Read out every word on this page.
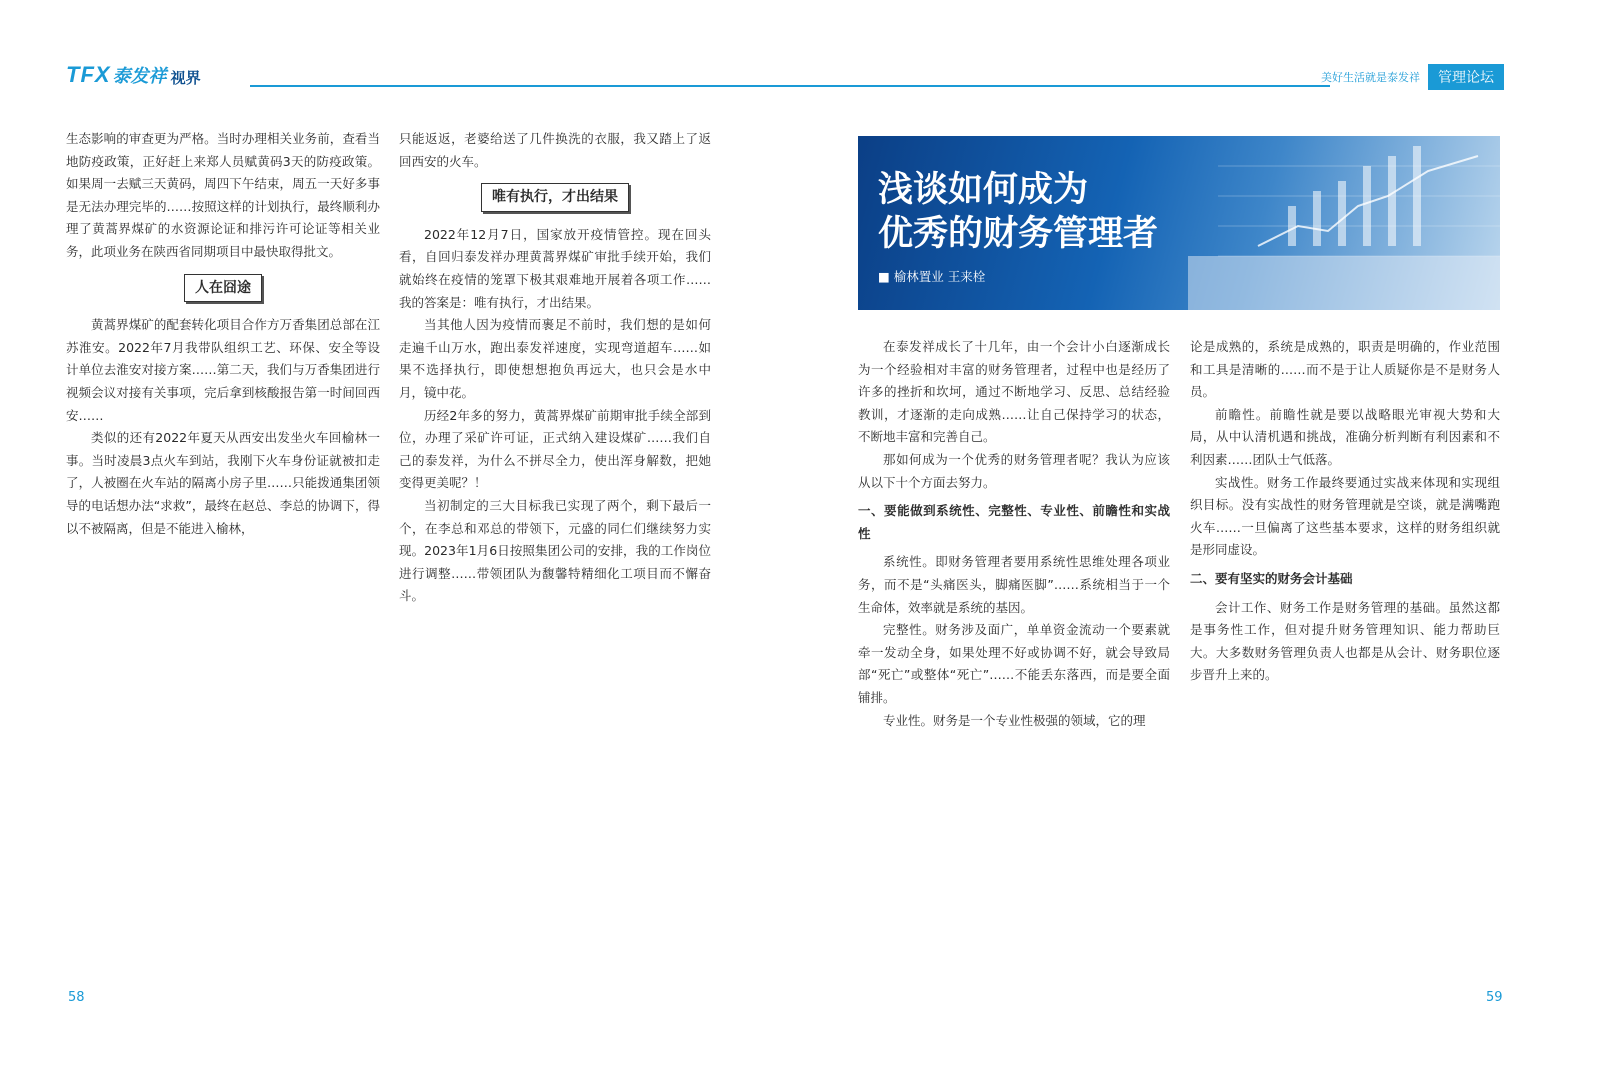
TFX 泰发祥 视界	美好生活就是泰发祥	管理论坛

生态影响的审查更为严格。当时办理相关业务前，查看当地防疫政策，正好赶上来郑人员赋黄码3天的防疫政策。如果周一去赋三天黄码，周四下午结束，周五一天好多事是无法办理完毕的……按照这样的计划执行，最终顺利办理了黄蒿界煤矿的水资源论证和排污许可论证等相关业务，此项业务在陕西省同期项目中最快取得批文。

人在囧途

黄蒿界煤矿的配套转化项目合作方万香集团总部在江苏淮安。2022年7月我带队组织工艺、环保、安全等设计单位去淮安对接方案……第二天，我们与万香集团进行视频会议对接有关事项，完后拿到核酸报告第一时间回西安……

类似的还有2022年夏天从西安出发坐火车回榆林一事。当时凌晨3点火车到站，我刚下火车身份证就被扣走了，人被圈在火车站的隔离小房子里……只能拨通集团领导的电话想办法“求救”，最终在赵总、李总的协调下，得以不被隔离，但是不能进入榆林，

只能返返，老婆给送了几件换洗的衣服，我又踏上了返回西安的火车。

唯有执行，才出结果

2022年12月7日，国家放开疫情管控。现在回头看，自回归泰发祥办理黄蒿界煤矿审批手续开始，我们就始终在疫情的笼罩下极其艰难地开展着各项工作……我的答案是：唯有执行，才出结果。

当其他人因为疫情而裹足不前时，我们想的是如何走遍千山万水，跑出泰发祥速度，实现弯道超车……如果不选择执行，即使想想抱负再远大，也只会是水中月，镜中花。

历经2年多的努力，黄蒿界煤矿前期审批手续全部到位，办理了采矿许可证，正式纳入建设煤矿……我们自己的泰发祥，为什么不拼尽全力，使出浑身解数，把她变得更美呢？！

当初制定的三大目标我已实现了两个，剩下最后一个，在李总和邓总的带领下，元盛的同仁们继续努力实现。2023年1月6日按照集团公司的安排，我的工作岗位进行调整……带领团队为馥馨特精细化工项目而不懈奋斗。

浅谈如何成为
优秀的财务管理者
■ 榆林置业 王来栓

在泰发祥成长了十几年，由一个会计小白逐渐成长为一个经验相对丰富的财务管理者，过程中也是经历了许多的挫折和坎坷，通过不断地学习、反思、总结经验教训，才逐渐的走向成熟……让自己保持学习的状态，不断地丰富和完善自己。

那如何成为一个优秀的财务管理者呢？我认为应该从以下十个方面去努力。

一、要能做到系统性、完整性、专业性、前瞻性和实战性

系统性。即财务管理者要用系统性思维处理各项业务，而不是“头痛医头，脚痛医脚”……系统相当于一个生命体，效率就是系统的基因。

完整性。财务涉及面广，单单资金流动一个要素就牵一发动全身，如果处理不好或协调不好，就会导致局部“死亡”或整体“死亡”……不能丢东落西，而是要全面铺排。

专业性。财务是一个专业性极强的领域，它的理

论是成熟的，系统是成熟的，职责是明确的，作业范围和工具是清晰的……而不是于让人质疑你是不是财务人员。

前瞻性。前瞻性就是要以战略眼光审视大势和大局，从中认清机遇和挑战，准确分析判断有利因素和不利因素……团队士气低落。

实战性。财务工作最终要通过实战来体现和实现组织目标。没有实战性的财务管理就是空谈，就是满嘴跑火车……一旦偏离了这些基本要求，这样的财务组织就是形同虚设。

二、要有坚实的财务会计基础

会计工作、财务工作是财务管理的基础。虽然这都是事务性工作，但对提升财务管理知识、能力帮助巨大。大多数财务管理负责人也都是从会计、财务职位逐步晋升上来的。

58	59
